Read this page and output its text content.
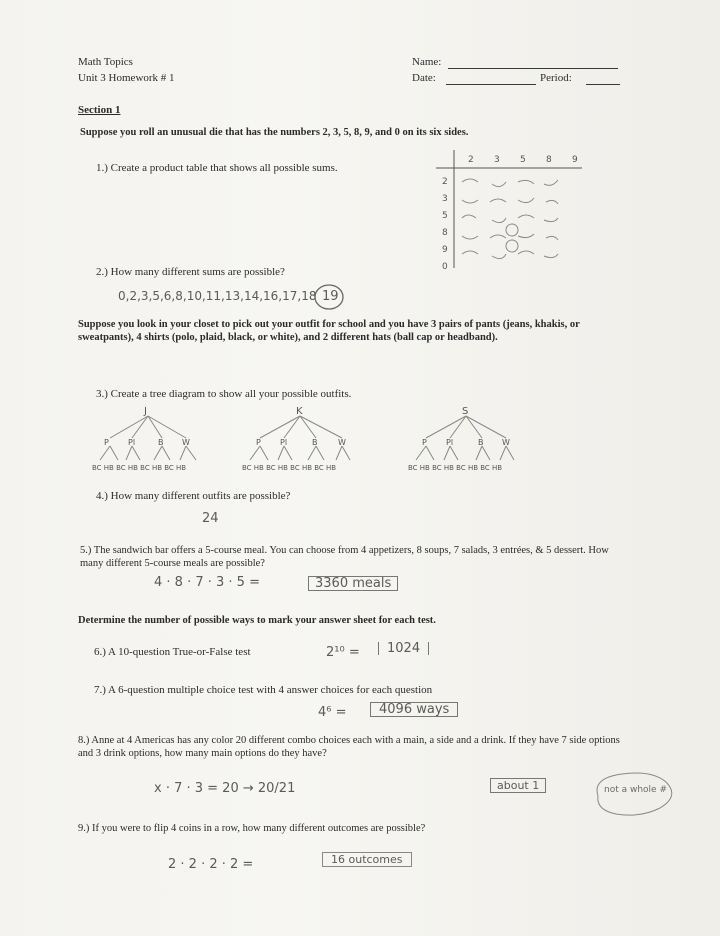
Math Topics
Unit 3 Homework # 1
Name:
Date:	Period:
Section 1
Suppose you roll an unusual die that has the numbers 2, 3, 5, 8, 9, and 0 on its six sides.
1.) Create a product table that shows all possible sums.
2 3 5 8 9
2
3
5
8
9
0
2.) How many different sums are possible?
0,2,3,5,6,8,10,11,13,14,16,17,18 19
Suppose you look in your closet to pick out your outfit for school and you have 3 pairs of pants (jeans, khakis, or sweatpants), 4 shirts (polo, plaid, black, or white), and 2 different hats (ball cap or headband).
3.) Create a tree diagram to show all your possible outfits.
J	K	S
P Pl	B W	P Pl	B	W	P Pl	B W
BC HB BC HB BC HB BC HB	BC HB BC HB BC HB BC HB	BC HB BC HB BC HB BC HB
4.) How many different outfits are possible?
24
5.) The sandwich bar offers a 5-course meal. You can choose from 4 appetizers, 8 soups, 7 salads, 3 entrées, & 5 dessert. How many different 5-course meals are possible?
4 · 8 · 7 · 3 · 5 =	3360 meals
Determine the number of possible ways to mark your answer sheet for each test.
6.) A 10-question True-or-False test	2¹⁰ =	1024
7.) A 6-question multiple choice test with 4 answer choices for each question
4⁶ =	4096 ways
8.) Anne at 4 Americas has any color 20 different combo choices each with a main, a side and a drink. If they have 7 side options and 3 drink options, how many main options do they have?
x · 7 · 3 = 20 → 20/21	about 1	not a whole #
9.) If you were to flip 4 coins in a row, how many different outcomes are possible?
2 · 2 · 2 · 2 =	16 outcomes
